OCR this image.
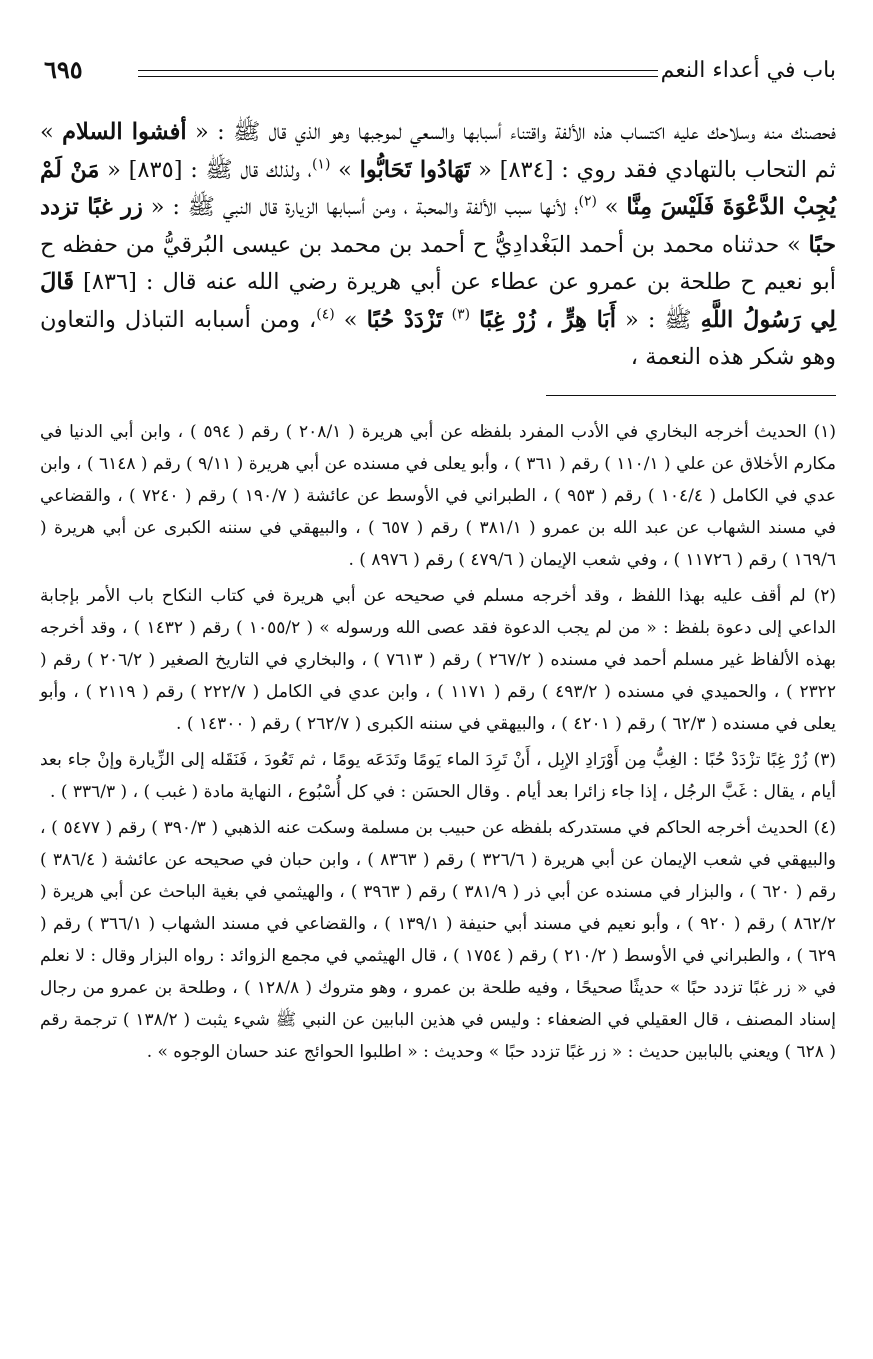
باب في أعداء النعم
٦٩٥

فحصنك منه وسلاحك عليه اكتساب هذه الألفة واقتناء أسبابها والسعي لموجبها وهو الذي قال ﷺ : « أفشوا السلام » ثم التحاب بالتهادي فقد روي : [٨٣٤] « تَهَادُوا تَحَابُّوا » $^{(١)}$، ولذلك قال ﷺ : [٨٣٥] « مَنْ لَمْ يُجِبْ الدَّعْوَةَ فَلَيْسَ مِنَّا » $^{(٢)}$؛ لأنها سبب الألفة والمحبة ، ومن أسبابها الزيارة قال النبي ﷺ : « زر غبًا تزدد حبًا » حدثناه محمد بن أحمد البَغْدادِيُّ ح أحمد بن محمد بن عيسى البُرقيُّ من حفظه ح أبو نعيم ح طلحة بن عمرو عن عطاء عن أبي هريرة رضي الله عنه قال : [٨٣٦] قَالَ لِي رَسُولُ اللَّهِ ﷺ : « أَبَا هِرٍّ ، زُرْ غِبًا $^{(٣)}$ تَزْدَدْ حُبًا » $^{(٤)}$، ومن أسبابه التباذل والتعاون وهو شكر هذه النعمة ،

(١) الحديث أخرجه البخاري في الأدب المفرد بلفظه عن أبي هريرة ( ٢٠٨/١ ) رقم ( ٥٩٤ ) ، وابن أبي الدنيا في مكارم الأخلاق عن علي ( ١١٠/١ ) رقم ( ٣٦١ ) ، وأبو يعلى في مسنده عن أبي هريرة ( ٩/١١ ) رقم ( ٦١٤٨ ) ، وابن عدي في الكامل ( ١٠٤/٤ ) رقم ( ٩٥٣ ) ، الطبراني في الأوسط عن عائشة ( ١٩٠/٧ ) رقم ( ٧٢٤٠ ) ، والقضاعي في مسند الشهاب عن عبد الله بن عمرو ( ٣٨١/١ ) رقم ( ٦٥٧ ) ، والبيهقي في سننه الكبرى عن أبي هريرة ( ١٦٩/٦ ) رقم ( ١١٧٢٦ ) ، وفي شعب الإيمان ( ٤٧٩/٦ ) رقم ( ٨٩٧٦ ) .

(٢) لم أقف عليه بهذا اللفظ ، وقد أخرجه مسلم في صحيحه عن أبي هريرة في كتاب النكاح باب الأمر بإجابة الداعي إلى دعوة بلفظ : « من لم يجب الدعوة فقد عصى الله ورسوله » ( ١٠٥٥/٢ ) رقم ( ١٤٣٢ ) ، وقد أخرجه بهذه الألفاظ غير مسلم أحمد في مسنده ( ٢٦٧/٢ ) رقم ( ٧٦١٣ ) ، والبخاري في التاريخ الصغير ( ٢٠٦/٢ ) رقم ( ٢٣٢٢ ) ، والحميدي في مسنده ( ٤٩٣/٢ ) رقم ( ١١٧١ ) ، وابن عدي في الكامل ( ٢٢٢/٧ ) رقم ( ٢١١٩ ) ، وأبو يعلى في مسنده ( ٦٢/٣ ) رقم ( ٤٢٠١ ) ، والبيهقي في سننه الكبرى ( ٢٦٢/٧ ) رقم ( ١٤٣٠٠ ) .

(٣) زُرْ غِبًا تزْدَدْ حُبًا : الغِبُّ مِن أَوْرَادِ الإبِل ، أَنْ تَرِدَ الماء يَومًا وتَدَعَه يومًا ، ثم تَعُودَ ، فَنَقَله إلى الزِّيارة وإنْ جاء بعد أيام ، يقال : غَبَّ الرجُل ، إذا جاء زائرا بعد أيام . وقال الحسَن : في كل أُسْبُوع ، النهاية مادة ( غبب ) ، ( ٣٣٦/٣ ) .

(٤) الحديث أخرجه الحاكم في مستدركه بلفظه عن حبيب بن مسلمة وسكت عنه الذهبي ( ٣٩٠/٣ ) رقم ( ٥٤٧٧ ) ، والبيهقي في شعب الإيمان عن أبي هريرة ( ٣٢٦/٦ ) رقم ( ٨٣٦٣ ) ، وابن حبان في صحيحه عن عائشة ( ٣٨٦/٤ ) رقم ( ٦٢٠ ) ، والبزار في مسنده عن أبي ذر ( ٣٨١/٩ ) رقم ( ٣٩٦٣ ) ، والهيثمي في بغية الباحث عن أبي هريرة ( ٨٦٢/٢ ) رقم ( ٩٢٠ ) ، وأبو نعيم في مسند أبي حنيفة ( ١٣٩/١ ) ، والقضاعي في مسند الشهاب ( ٣٦٦/١ ) رقم ( ٦٢٩ ) ، والطبراني في الأوسط ( ٢١٠/٢ ) رقم ( ١٧٥٤ ) ، قال الهيثمي في مجمع الزوائد : رواه البزار وقال : لا نعلم في « زر غبًا تزدد حبًا » حديثًا صحيحًا ، وفيه طلحة بن عمرو ، وهو متروك ( ١٢٨/٨ ) ، وطلحة بن عمرو من رجال إسناد المصنف ، قال العقيلي في الضعفاء : وليس في هذين البابين عن النبي ﷺ شيء يثبت ( ١٣٨/٢ ) ترجمة رقم ( ٦٢٨ ) ويعني بالبابين حديث : « زر غبًا تزدد حبًا » وحديث : « اطلبوا الحوائج عند حسان الوجوه » .
